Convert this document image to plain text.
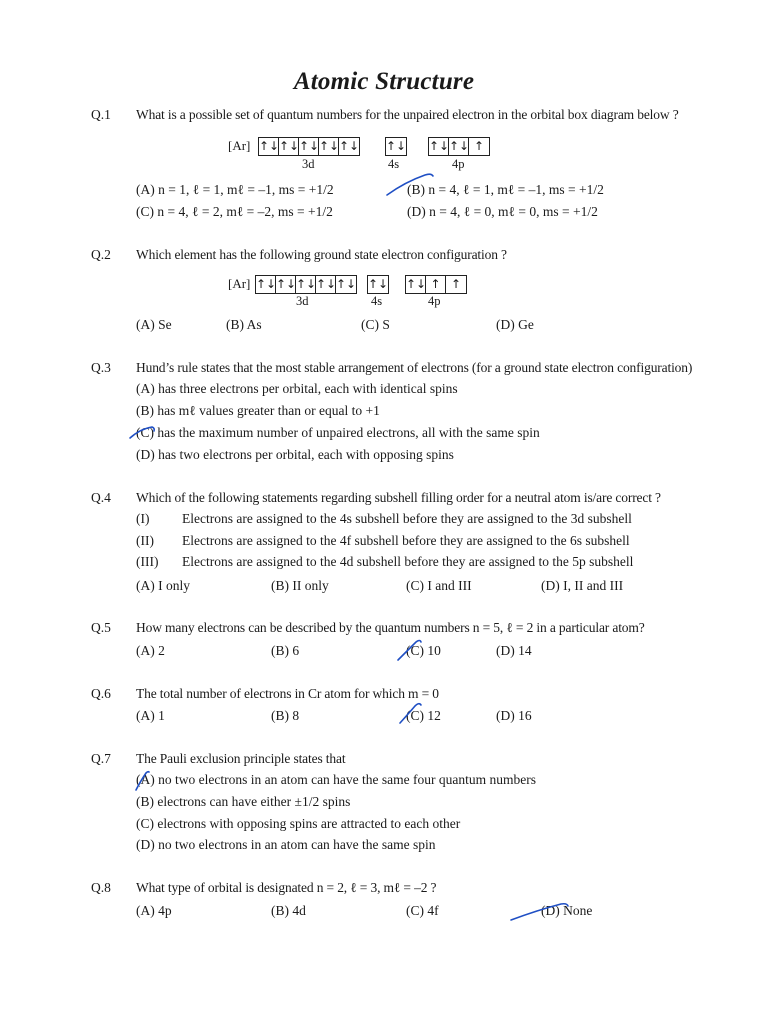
Atomic Structure
Q.1 What is a possible set of quantum numbers for the unpaired electron in the orbital box diagram below ?
[Ar] ↑↓ ↑↓ ↑↓ ↑↓ ↑↓ ↑↓ ↑↓ ↑↓ ↑
3d	4s	4p
(A) n = 1, ℓ = 1, mℓ = –1, ms = +1/2	(B) n = 4, ℓ = 1, mℓ = –1, ms = +1/2
(C) n = 4, ℓ = 2, mℓ = –2, ms = +1/2	(D) n = 4, ℓ = 0, mℓ = 0, ms = +1/2
Q.2 Which element has the following ground state electron configuration ?
[Ar] ↑↓ ↑↓ ↑↓ ↑↓ ↑↓ ↑↓ ↑↓ ↑ ↑
3d	4s	4p
(A) Se	(B) As	(C) S	(D) Ge
Q.3 Hund’s rule states that the most stable arrangement of electrons (for a ground state electron configuration)
(A) has three electrons per orbital, each with identical spins
(B) has mℓ values greater than or equal to +1
(C) has the maximum number of unpaired electrons, all with the same spin
(D) has two electrons per orbital, each with opposing spins
Q.4 Which of the following statements regarding subshell filling order for a neutral atom is/are correct ?
(I) Electrons are assigned to the 4s subshell before they are assigned to the 3d subshell
(II) Electrons are assigned to the 4f subshell before they are assigned to the 6s subshell
(III) Electrons are assigned to the 4d subshell before they are assigned to the 5p subshell
(A) I only	(B) II only	(C) I and III	(D) I, II and III
Q.5 How many electrons can be described by the quantum numbers n = 5, ℓ = 2 in a particular atom?
(A) 2	(B) 6	(C) 10	(D) 14
Q.6 The total number of electrons in Cr atom for which m = 0
(A) 1	(B) 8	(C) 12	(D) 16
Q.7 The Pauli exclusion principle states that
(A) no two electrons in an atom can have the same four quantum numbers
(B) electrons can have either ±1/2 spins
(C) electrons with opposing spins are attracted to each other
(D) no two electrons in an atom can have the same spin
Q.8 What type of orbital is designated n = 2, ℓ = 3, mℓ = –2 ?
(A) 4p	(B) 4d	(C) 4f	(D) None
